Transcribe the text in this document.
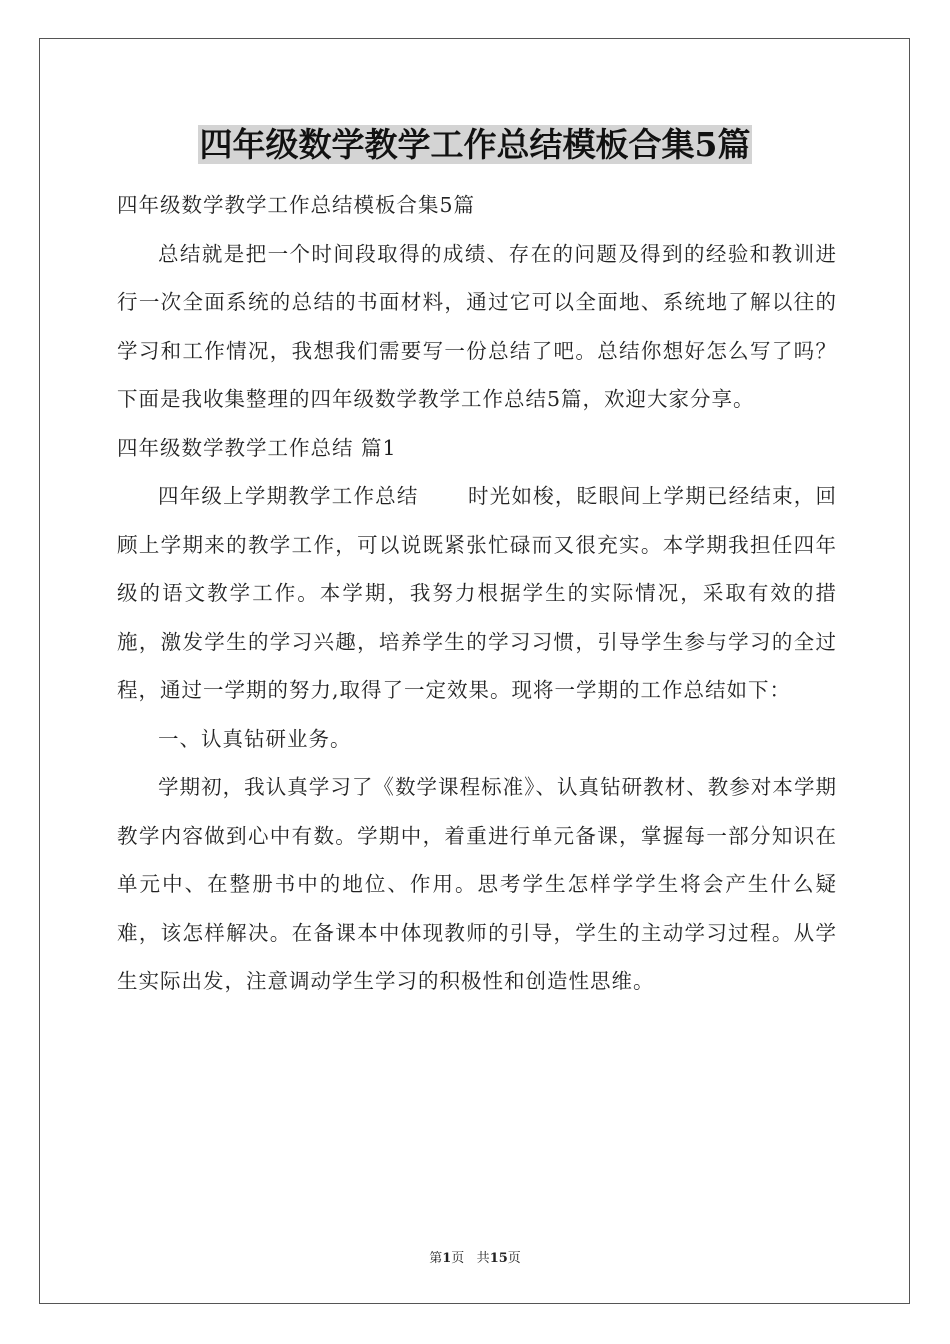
四年级数学教学工作总结模板合集5篇

四年级数学教学工作总结模板合集5篇

总结就是把一个时间段取得的成绩、存在的问题及得到的经验和教训进行一次全面系统的总结的书面材料，通过它可以全面地、系统地了解以往的学习和工作情况，我想我们需要写一份总结了吧。总结你想好怎么写了吗？下面是我收集整理的四年级数学教学工作总结5篇，欢迎大家分享。

四年级数学教学工作总结 篇1

四年级上学期教学工作总结 时光如梭，眨眼间上学期已经结束，回顾上学期来的教学工作，可以说既紧张忙碌而又很充实。本学期我担任四年级的语文教学工作。本学期，我努力根据学生的实际情况，采取有效的措施，激发学生的学习兴趣，培养学生的学习习惯，引导学生参与学习的全过程，通过一学期的努力,取得了一定效果。现将一学期的工作总结如下：

一、认真钻研业务。

学期初，我认真学习了《数学课程标准》、认真钻研教材、教参对本学期教学内容做到心中有数。学期中，着重进行单元备课，掌握每一部分知识在单元中、在整册书中的地位、作用。思考学生怎样学学生将会产生什么疑难，该怎样解决。在备课本中体现教师的引导，学生的主动学习过程。从学生实际出发，注意调动学生学习的积极性和创造性思维。

第1页 共15页
